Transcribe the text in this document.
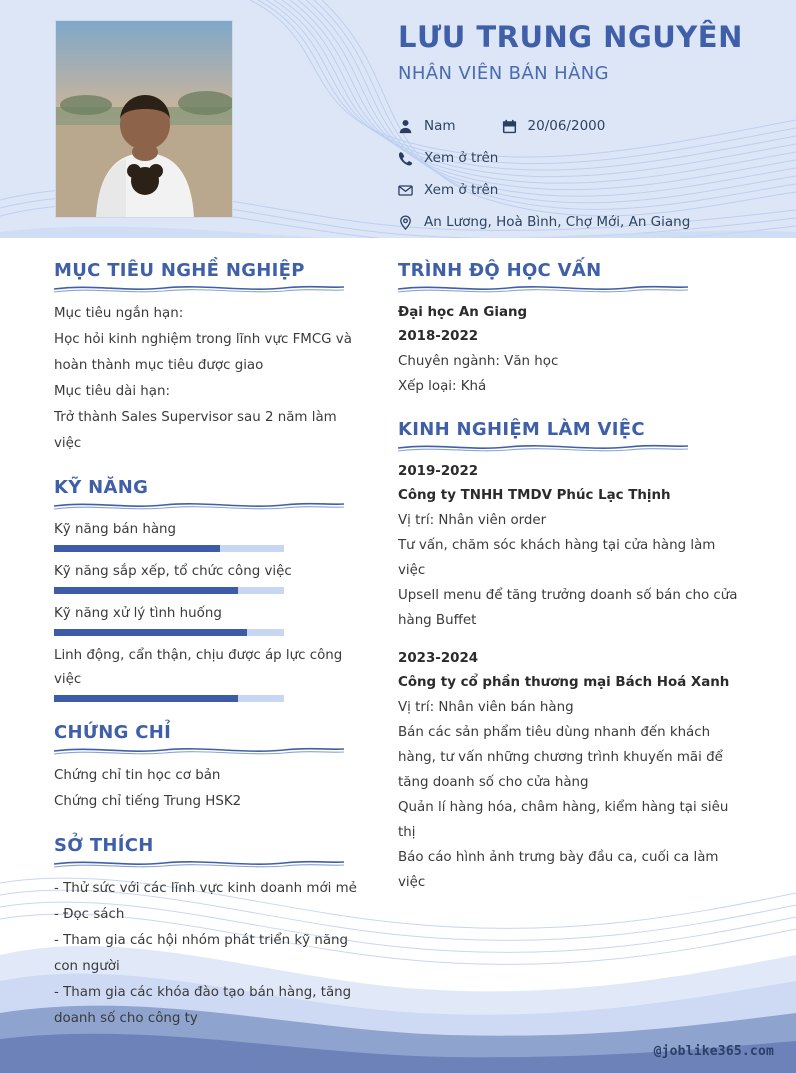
LƯU TRUNG NGUYÊN
NHÂN VIÊN BÁN HÀNG
Nam	20/06/2000
Xem ở trên
Xem ở trên
An Lương, Hoà Bình, Chợ Mới, An Giang
MỤC TIÊU NGHỀ NGHIỆP

Mục tiêu ngắn hạn:

Học hỏi kinh nghiệm trong lĩnh vực FMCG và hoàn thành mục tiêu được giao

Mục tiêu dài hạn:

Trở thành Sales Supervisor sau 2 năm làm việc

KỸ NĂNG
Kỹ năng bán hàng
Kỹ năng sắp xếp, tổ chức công việc
Kỹ năng xử lý tình huống
Linh động, cẩn thận, chịu được áp lực công việc
CHỨNG CHỈ

Chứng chỉ tin học cơ bản

Chứng chỉ tiếng Trung HSK2

SỞ THÍCH

- Thử sức với các lĩnh vực kinh doanh mới mẻ

- Đọc sách

- Tham gia các hội nhóm phát triển kỹ năng con người

- Tham gia các khóa đào tạo bán hàng, tăng doanh số cho công ty

TRÌNH ĐỘ HỌC VẤN
Đại học An Giang
2018-2022
Chuyên ngành: Văn học
Xếp loại: Khá
KINH NGHIỆM LÀM VIỆC
2019-2022
Công ty TNHH TMDV Phúc Lạc Thịnh
Vị trí: Nhân viên order
Tư vấn, chăm sóc khách hàng tại cửa hàng làm việc
Upsell menu để tăng trưởng doanh số bán cho cửa hàng Buffet
2023-2024
Công ty cổ phần thương mại Bách Hoá Xanh
Vị trí: Nhân viên bán hàng
Bán các sản phẩm tiêu dùng nhanh đến khách hàng, tư vấn những chương trình khuyến mãi để tăng doanh số cho cửa hàng
Quản lí hàng hóa, châm hàng, kiểm hàng tại siêu thị
Báo cáo hình ảnh trưng bày đầu ca, cuối ca làm việc
@joblike365.com
